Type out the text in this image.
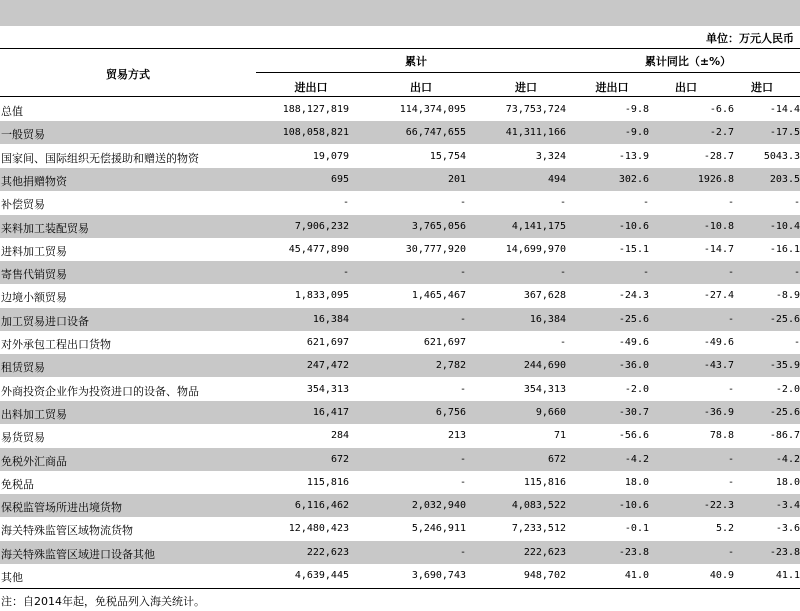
单位：万元人民币
贸易方式
累计	累计同比（±%）
进出口	出口	进口	进出口	出口	进口
总值	188,127,819	114,374,095	73,753,724	-9.8	-6.6	-14.4
一般贸易	108,058,821	66,747,655	41,311,166	-9.0	-2.7	-17.5
国家间、国际组织无偿援助和赠送的物资	19,079	15,754	3,324	-13.9	-28.7	5043.3
其他捐赠物资	695	201	494	302.6	1926.8	203.5
补偿贸易	-	-	-	-	-	-
来料加工装配贸易	7,906,232	3,765,056	4,141,175	-10.6	-10.8	-10.4
进料加工贸易	45,477,890	30,777,920	14,699,970	-15.1	-14.7	-16.1
寄售代销贸易	-	-	-	-	-	-
边境小额贸易	1,833,095	1,465,467	367,628	-24.3	-27.4	-8.9
加工贸易进口设备	16,384	-	16,384	-25.6	-	-25.6
对外承包工程出口货物	621,697	621,697	-	-49.6	-49.6	-
租赁贸易	247,472	2,782	244,690	-36.0	-43.7	-35.9
外商投资企业作为投资进口的设备、物品	354,313	-	354,313	-2.0	-	-2.0
出料加工贸易	16,417	6,756	9,660	-30.7	-36.9	-25.6
易货贸易	284	213	71	-56.6	78.8	-86.7
免税外汇商品	672	-	672	-4.2	-	-4.2
免税品	115,816	-	115,816	18.0	-	18.0
保税监管场所进出境货物	6,116,462	2,032,940	4,083,522	-10.6	-22.3	-3.4
海关特殊监管区域物流货物	12,480,423	5,246,911	7,233,512	-0.1	5.2	-3.6
海关特殊监管区域进口设备其他	222,623	-	222,623	-23.8	-	-23.8
其他	4,639,445	3,690,743	948,702	41.0	40.9	41.1
注：自2014年起，免税品列入海关统计。
